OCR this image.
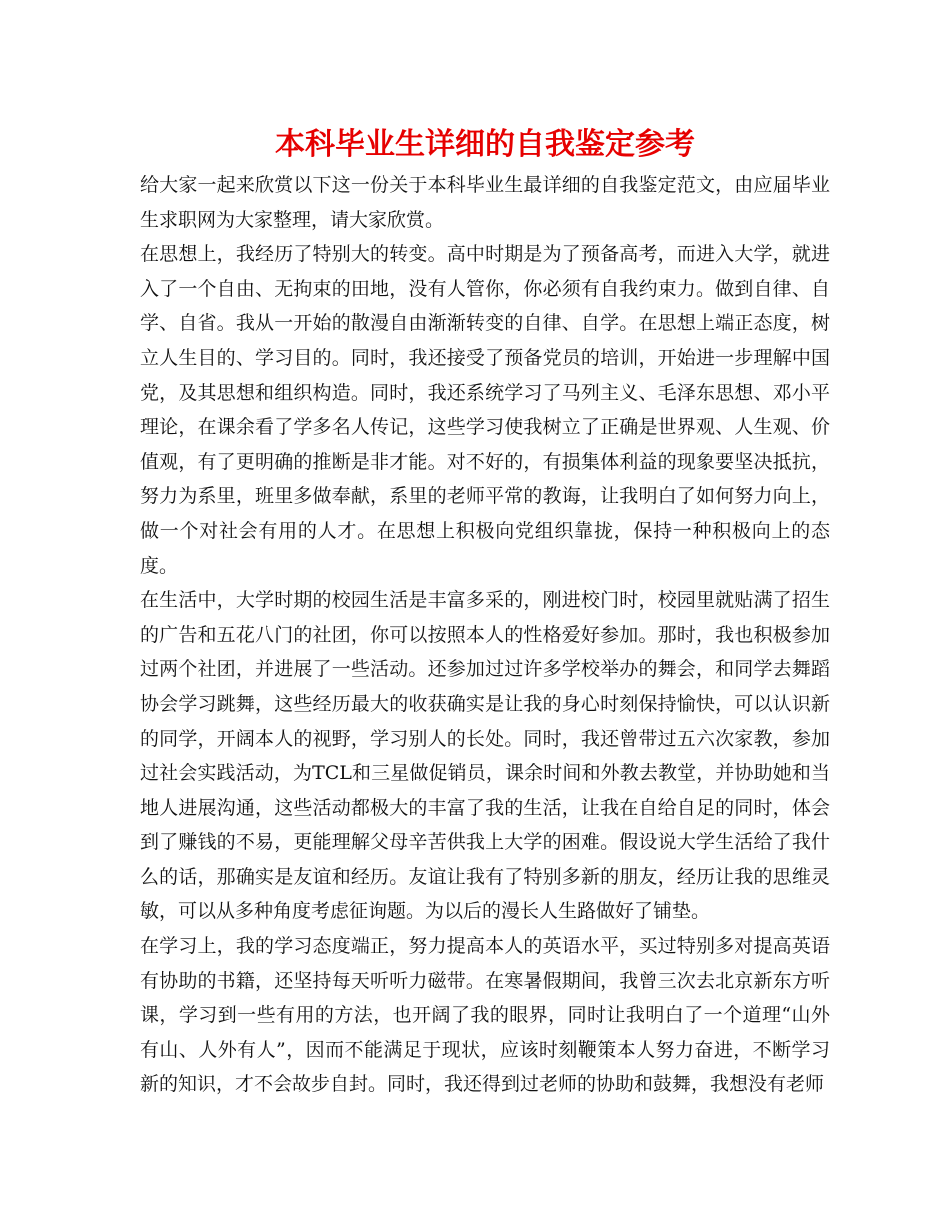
本科毕业生详细的自我鉴定参考

给大家一起来欣赏以下这一份关于本科毕业生最详细的自我鉴定范文，由应届毕业生求职网为大家整理，请大家欣赏。

在思想上，我经历了特别大的转变。高中时期是为了预备高考，而进入大学，就进入了一个自由、无拘束的田地，没有人管你，你必须有自我约束力。做到自律、自学、自省。我从一开始的散漫自由渐渐转变的自律、自学。在思想上端正态度，树立人生目的、学习目的。同时，我还接受了预备党员的培训，开始进一步理解中国党，及其思想和组织构造。同时，我还系统学习了马列主义、毛泽东思想、邓小平理论，在课余看了学多名人传记，这些学习使我树立了正确是世界观、人生观、价值观，有了更明确的推断是非才能。对不好的，有损集体利益的现象要坚决抵抗，努力为系里，班里多做奉献，系里的老师平常的教诲，让我明白了如何努力向上，做一个对社会有用的人才。在思想上积极向党组织靠拢，保持一种积极向上的态度。

在生活中，大学时期的校园生活是丰富多采的，刚进校门时，校园里就贴满了招生的广告和五花八门的社团，你可以按照本人的性格爱好参加。那时，我也积极参加过两个社团，并进展了一些活动。还参加过过许多学校举办的舞会，和同学去舞蹈协会学习跳舞，这些经历最大的收获确实是让我的身心时刻保持愉快，可以认识新的同学，开阔本人的视野，学习别人的长处。同时，我还曾带过五六次家教，参加过社会实践活动，为TCL和三星做促销员，课余时间和外教去教堂，并协助她和当地人进展沟通，这些活动都极大的丰富了我的生活，让我在自给自足的同时，体会到了赚钱的不易，更能理解父母辛苦供我上大学的困难。假设说大学生活给了我什么的话，那确实是友谊和经历。友谊让我有了特别多新的朋友，经历让我的思维灵敏，可以从多种角度考虑征询题。为以后的漫长人生路做好了铺垫。

在学习上，我的学习态度端正，努力提高本人的英语水平，买过特别多对提高英语有协助的书籍，还坚持每天听听力磁带。在寒暑假期间，我曾三次去北京新东方听课，学习到一些有用的方法，也开阔了我的眼界，同时让我明白了一个道理“山外有山、人外有人”，因而不能满足于现状，应该时刻鞭策本人努力奋进，不断学习新的知识，才不会故步自封。同时，我还得到过老师的协助和鼓舞，我想没有老师
